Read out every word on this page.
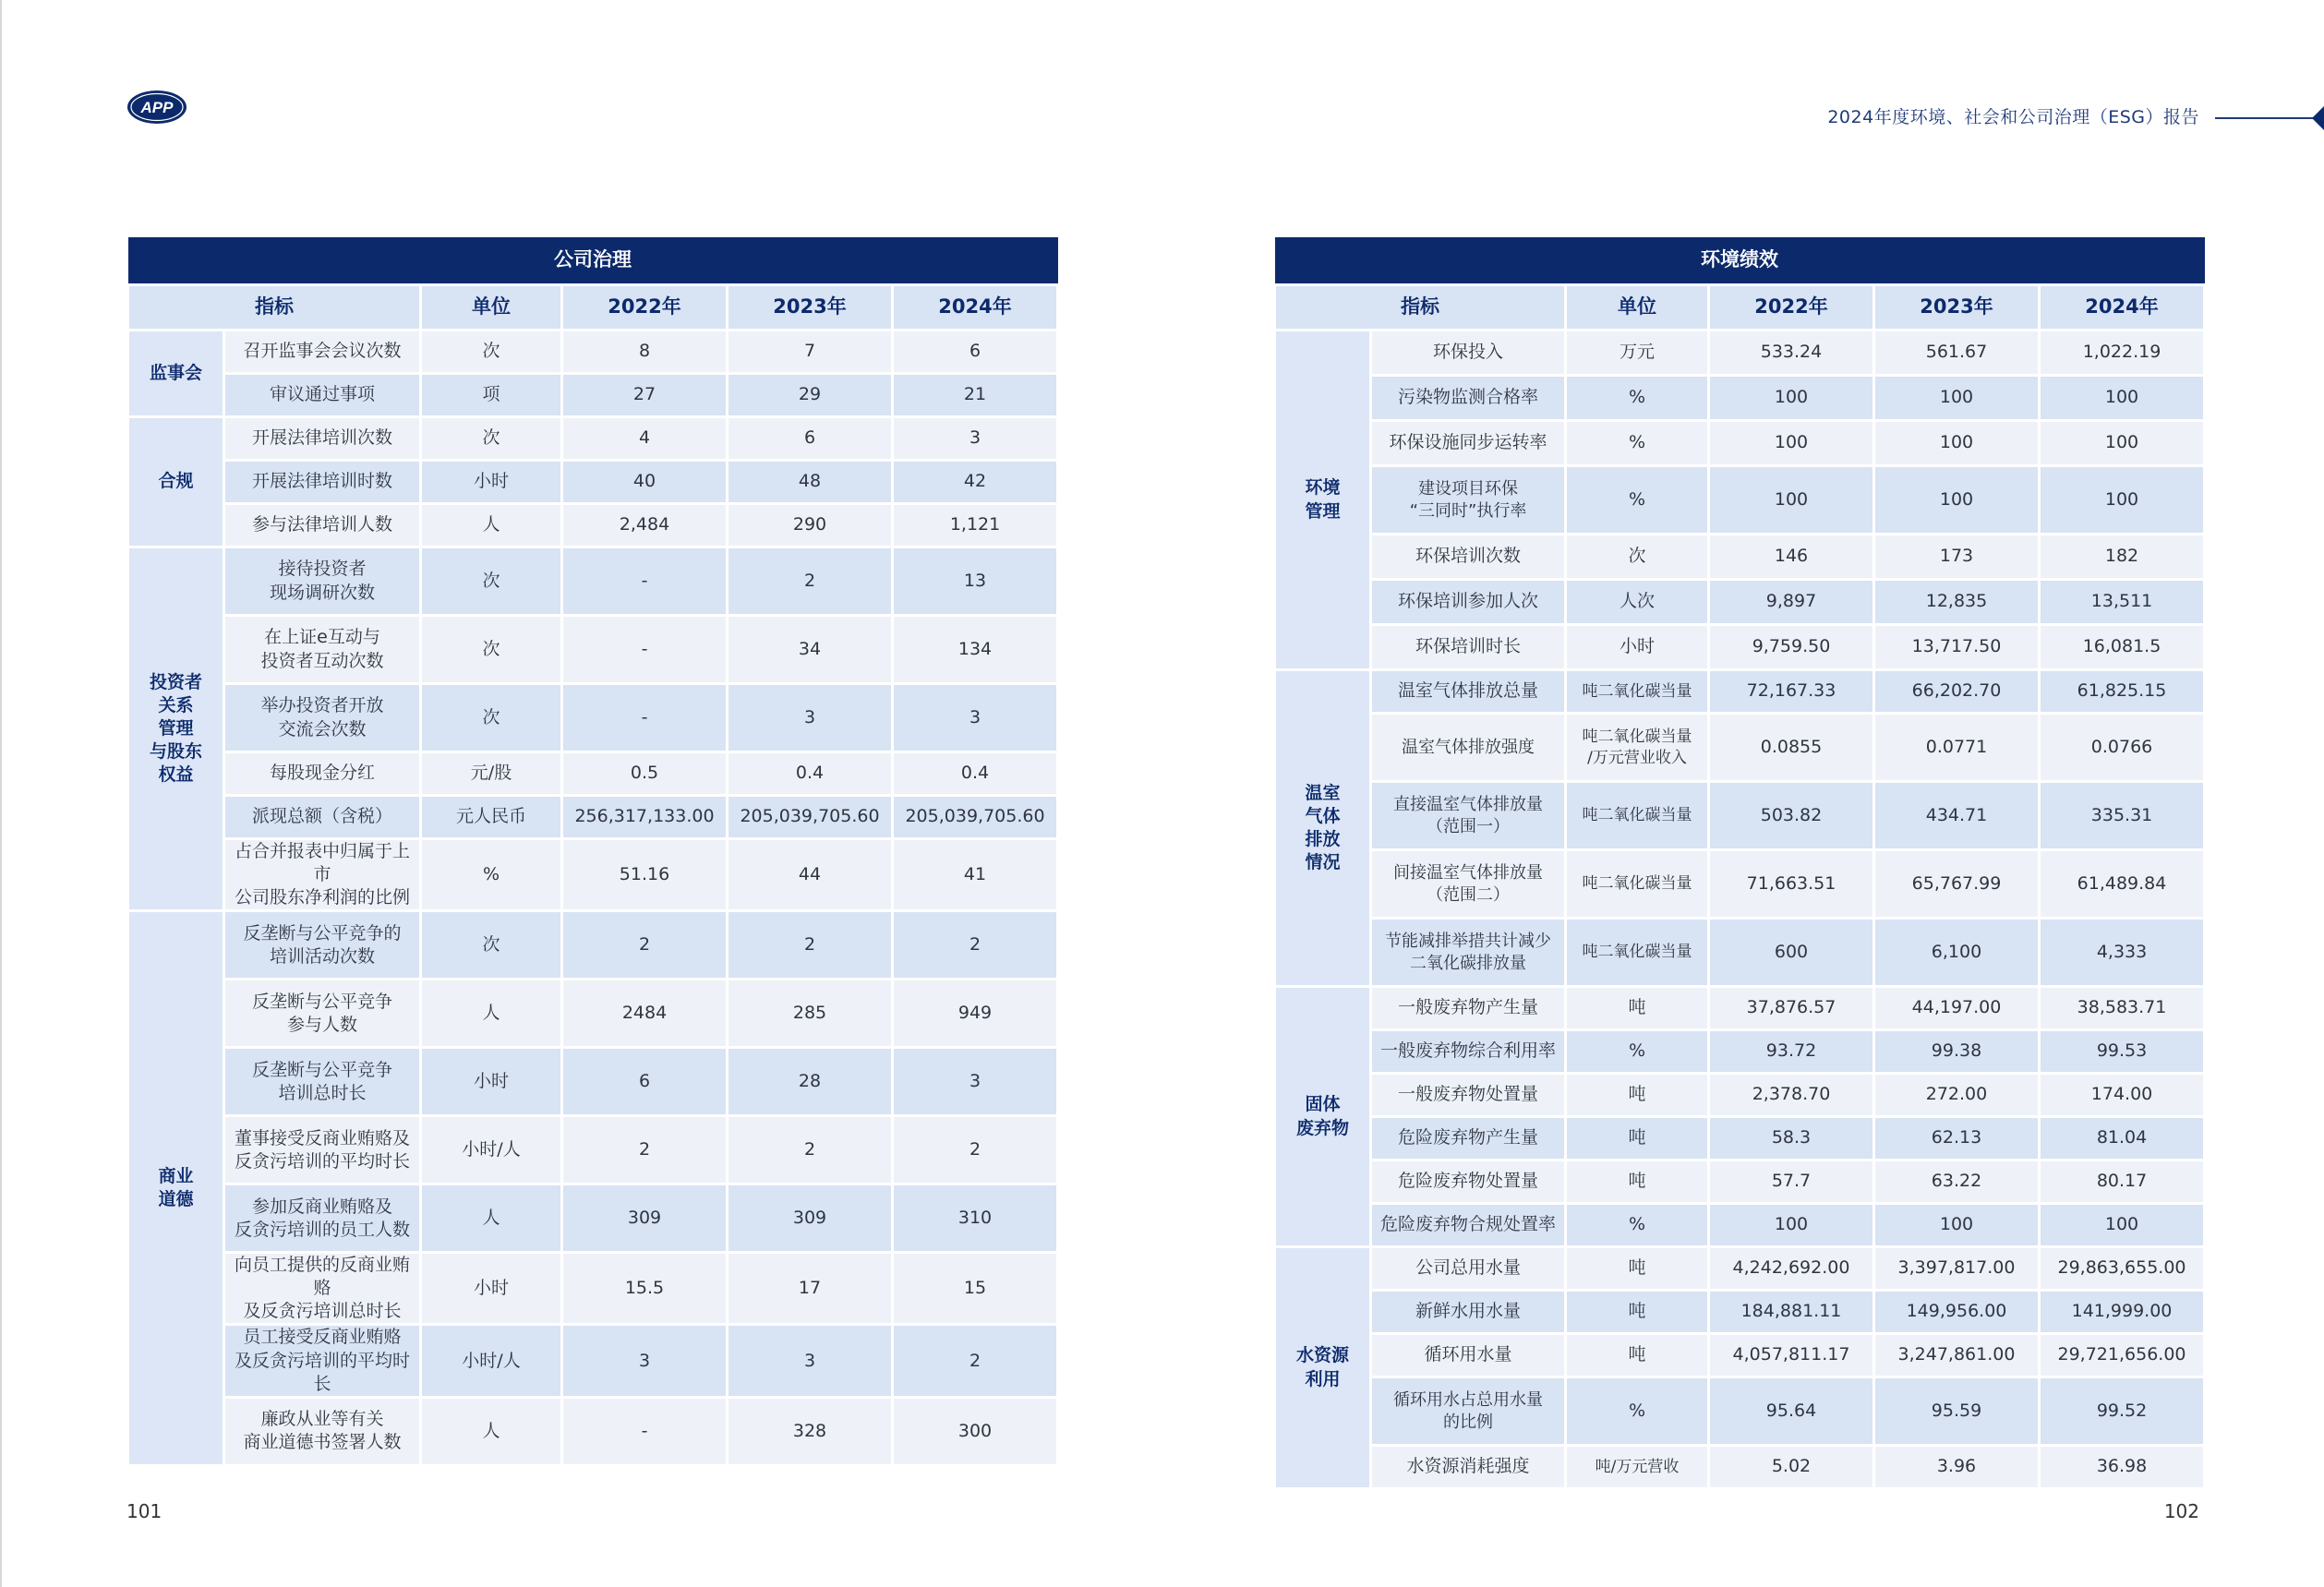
APP
公司治理					
指标		单位	2022年	2023年	2024年
监事会	召开监事会会议次数	次	8	7	6
	审议通过事项	项	27	29	21
合规	开展法律培训次数	次	4	6	3
	开展法律培训时数	小时	40	48	42
	参与法律培训人数	人	2,484	290	1,121
投资者
关系
管理
与股东
权益	接待投资者
现场调研次数	次	-	2	13
	在上证e互动与
投资者互动次数	次	-	34	134
	举办投资者开放
交流会次数	次	-	3	3
	每股现金分红	元/股	0.5	0.4	0.4
	派现总额（含税）	元人民币	256,317,133.00	205,039,705.60	205,039,705.60
	占合并报表中归属于上市
公司股东净利润的比例	%	51.16	44	41
商业
道德	反垄断与公平竞争的
培训活动次数	次	2	2	2
	反垄断与公平竞争
参与人数	人	2484	285	949
	反垄断与公平竞争
培训总时长	小时	6	28	3
	董事接受反商业贿赂及
反贪污培训的平均时长	小时/人	2	2	2
	参加反商业贿赂及
反贪污培训的员工人数	人	309	309	310
	向员工提供的反商业贿赂
及反贪污培训总时长	小时	15.5	17	15
	员工接受反商业贿赂
及反贪污培训的平均时长	小时/人	3	3	2
	廉政从业等有关
商业道德书签署人数	人	-	328	300
101
2024年度环境、社会和公司治理（ESG）报告
环境绩效					
指标		单位	2022年	2023年	2024年
环境
管理	环保投入	万元	533.24	561.67	1,022.19
	污染物监测合格率	%	100	100	100
	环保设施同步运转率	%	100	100	100
	建设项目环保
“三同时”执行率	%	100	100	100
	环保培训次数	次	146	173	182
	环保培训参加人次	人次	9,897	12,835	13,511
	环保培训时长	小时	9,759.50	13,717.50	16,081.5
温室
气体
排放
情况	温室气体排放总量	吨二氧化碳当量	72,167.33	66,202.70	61,825.15
	温室气体排放强度	吨二氧化碳当量
/万元营业收入	0.0855	0.0771	0.0766
	直接温室气体排放量
（范围一）	吨二氧化碳当量	503.82	434.71	335.31
	间接温室气体排放量
（范围二）	吨二氧化碳当量	71,663.51	65,767.99	61,489.84
	节能减排举措共计减少
二氧化碳排放量	吨二氧化碳当量	600	6,100	4,333
固体
废弃物	一般废弃物产生量	吨	37,876.57	44,197.00	38,583.71
	一般废弃物综合利用率	%	93.72	99.38	99.53
	一般废弃物处置量	吨	2,378.70	272.00	174.00
	危险废弃物产生量	吨	58.3	62.13	81.04
	危险废弃物处置量	吨	57.7	63.22	80.17
	危险废弃物合规处置率	%	100	100	100
水资源
利用	公司总用水量	吨	4,242,692.00	3,397,817.00	29,863,655.00
	新鲜水用水量	吨	184,881.11	149,956.00	141,999.00
	循环用水量	吨	4,057,811.17	3,247,861.00	29,721,656.00
	循环用水占总用水量
的比例	%	95.64	95.59	99.52
	水资源消耗强度	吨/万元营收	5.02	3.96	36.98
102
